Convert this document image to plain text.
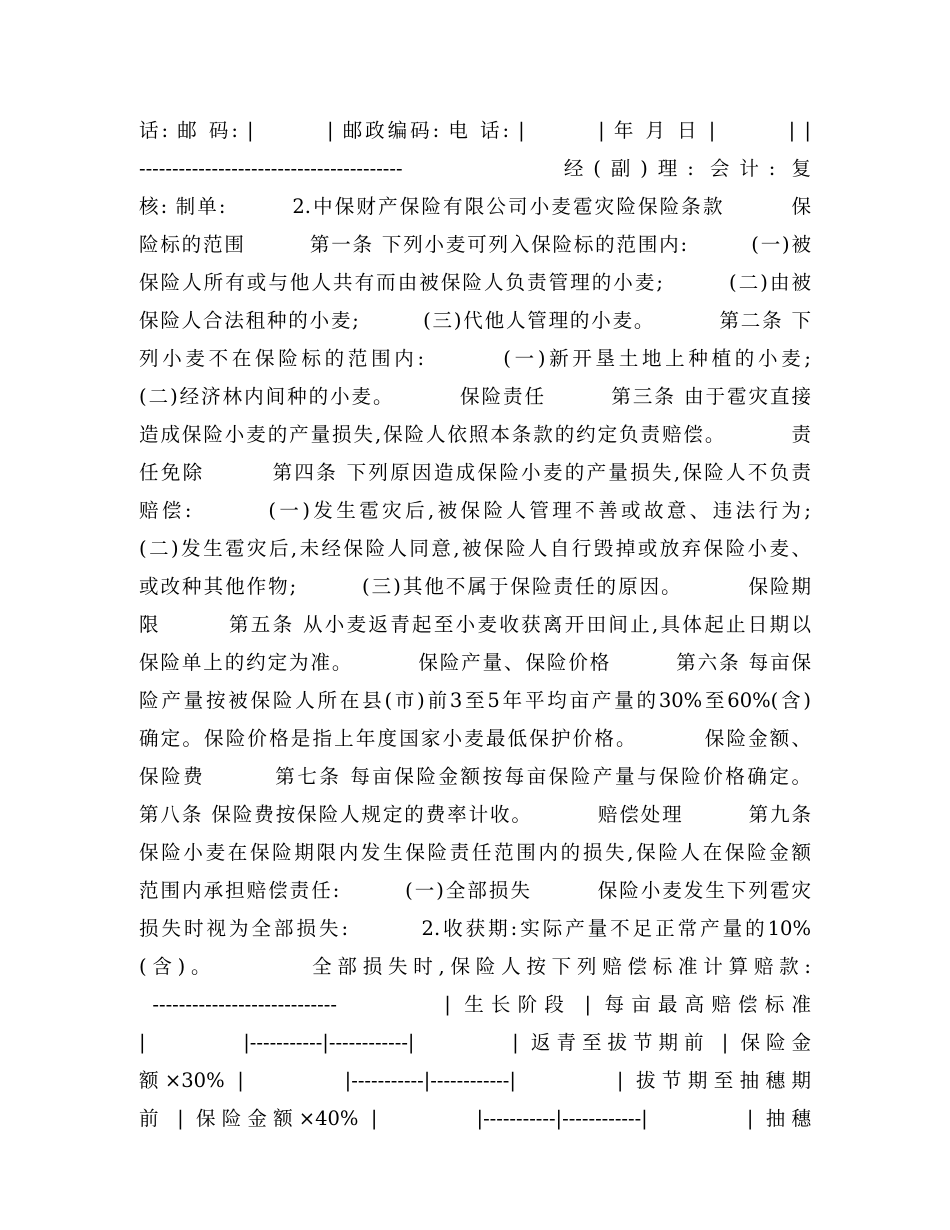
话: 邮 码: |        | 邮政编码: 电 话: |        | 年 月 日 |        | |
----------------------------------------          经(副)理: 会计: 复
核: 制单:        2.中保财产保险有限公司小麦雹灾险保险条款        保
险标的范围        第一条 下列小麦可列入保险标的范围内:        (一)被
保险人所有或与他人共有而由被保险人负责管理的小麦;        (二)由被
保险人合法租种的小麦;        (三)代他人管理的小麦。        第二条 下
列小麦不在保险标的范围内:        (一)新开垦土地上种植的小麦;
(二)经济林内间种的小麦。        保险责任        第三条 由于雹灾直接
造成保险小麦的产量损失,保险人依照本条款的约定负责赔偿。        责
任免除        第四条 下列原因造成保险小麦的产量损失,保险人不负责
赔偿:        (一)发生雹灾后,被保险人管理不善或故意、违法行为;
(二)发生雹灾后,未经保险人同意,被保险人自行毁掉或放弃保险小麦、
或改种其他作物;        (三)其他不属于保险责任的原因。        保险期
限        第五条 从小麦返青起至小麦收获离开田间止,具体起止日期以
保险单上的约定为准。        保险产量、保险价格        第六条 每亩保
险产量按被保险人所在县(市)前3至5年平均亩产量的30%至60%(含)
确定。保险价格是指上年度国家小麦最低保护价格。        保险金额、
保险费        第七条 每亩保险金额按每亩保险产量与保险价格确定。
第八条 保险费按保险人规定的费率计收。        赔偿处理        第九条
保险小麦在保险期限内发生保险责任范围内的损失,保险人在保险金额
范围内承担赔偿责任:        (一)全部损失        保险小麦发生下列雹灾
损失时视为全部损失:        2.收获期:实际产量不足正常产量的10%
(含)。        全部损失时,保险人按下列赔偿标准计算赔款:
----------------------------        | 生长阶段 | 每亩最高赔偿标准
|        |-----------|------------|        | 返青至拔节期前 | 保险金
额×30% |        |-----------|------------|        | 拔节期至抽穗期
前 | 保险金额×40% |        |-----------|------------|        | 抽穗
